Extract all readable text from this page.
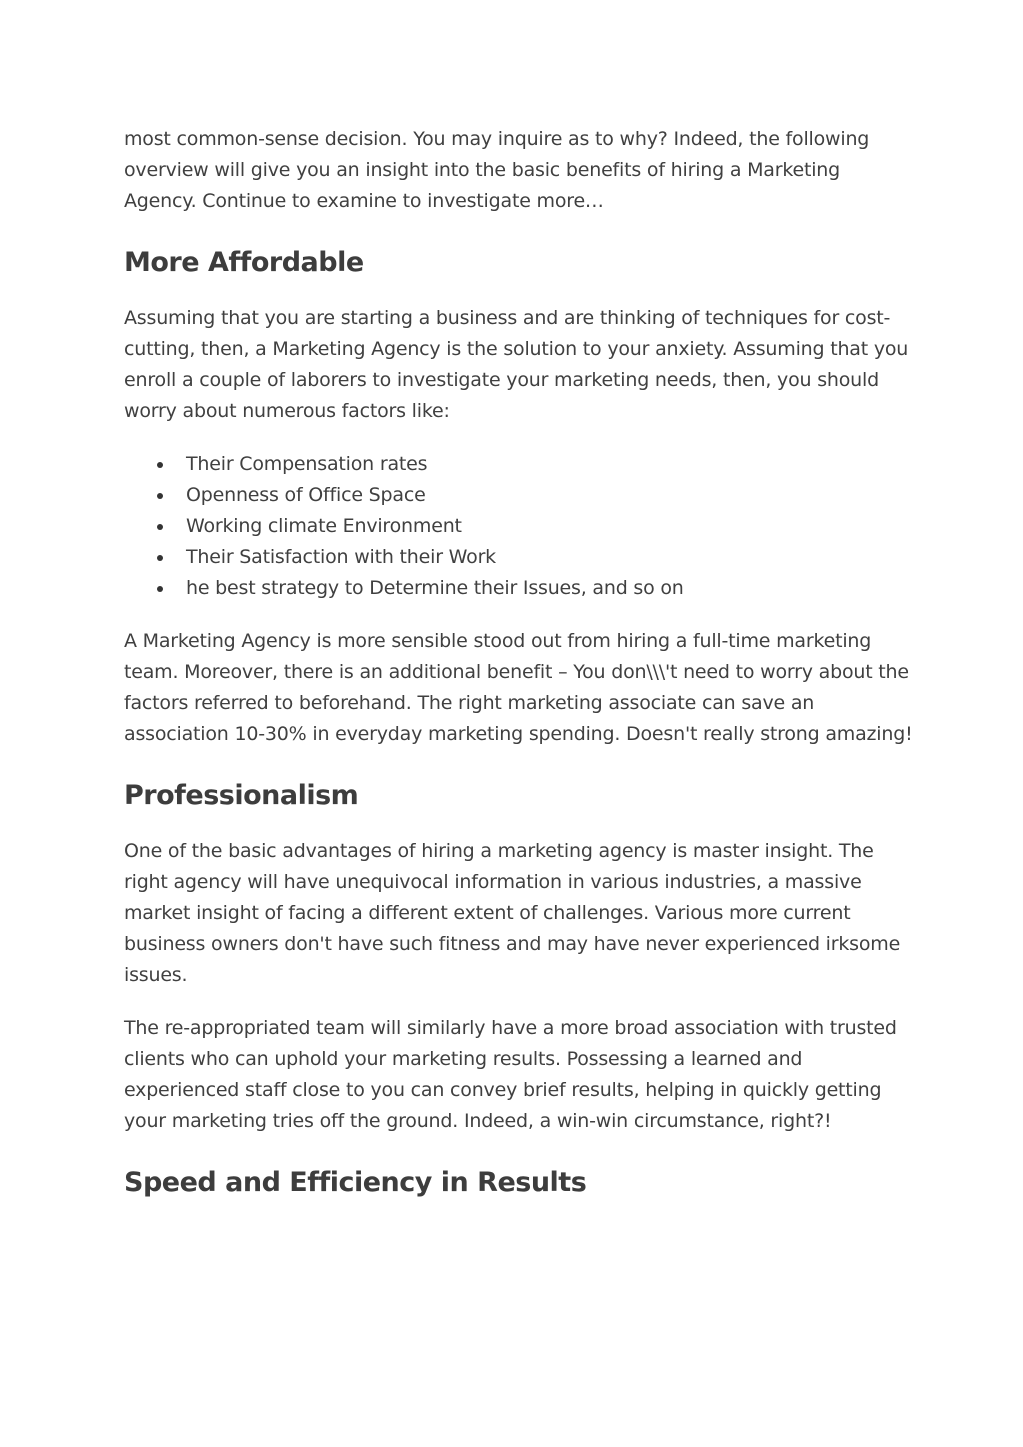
most common-sense decision. You may inquire as to why? Indeed, the following overview will give you an insight into the basic benefits of hiring a Marketing Agency. Continue to examine to investigate more…

More Affordable

Assuming that you are starting a business and are thinking of techniques for cost-cutting, then, a Marketing Agency is the solution to your anxiety. Assuming that you enroll a couple of laborers to investigate your marketing needs, then, you should worry about numerous factors like:

Their Compensation rates
Openness of Office Space
Working climate Environment
Their Satisfaction with their Work
he best strategy to Determine their Issues, and so on

A Marketing Agency is more sensible stood out from hiring a full-time marketing team. Moreover, there is an additional benefit – You don\\\'t need to worry about the factors referred to beforehand. The right marketing associate can save an association 10-30% in everyday marketing spending. Doesn't really strong amazing!

Professionalism

One of the basic advantages of hiring a marketing agency is master insight. The right agency will have unequivocal information in various industries, a massive market insight of facing a different extent of challenges. Various more current business owners don't have such fitness and may have never experienced irksome issues.

The re-appropriated team will similarly have a more broad association with trusted clients who can uphold your marketing results. Possessing a learned and experienced staff close to you can convey brief results, helping in quickly getting your marketing tries off the ground. Indeed, a win-win circumstance, right?!

Speed and Efficiency in Results
